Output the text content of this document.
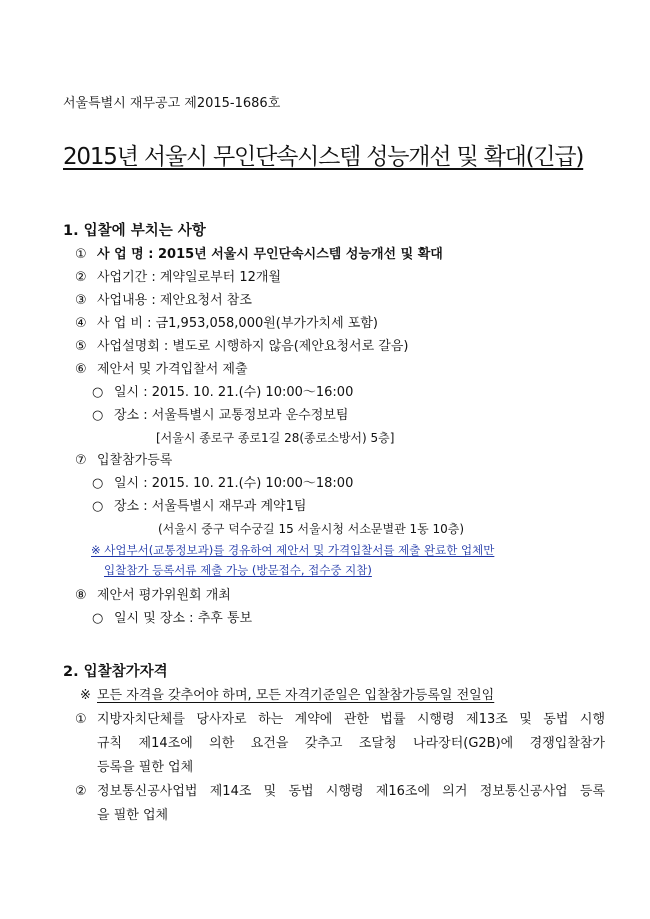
서울특별시 재무공고 제2015-1686호
2015년 서울시 무인단속시스템 성능개선 및 확대(긴급)
1. 입찰에 부치는 사항
① 사 업 명 : 2015년 서울시 무인단속시스템 성능개선 및 확대
② 사업기간 : 계약일로부터 12개월
③ 사업내용 : 제안요청서 참조
④ 사 업 비 : 금1,953,058,000원(부가가치세 포함)
⑤ 사업설명회 : 별도로 시행하지 않음(제안요청서로 갈음)
⑥ 제안서 및 가격입찰서 제출
○ 일시 : 2015. 10. 21.(수) 10:00～16:00
○ 장소 : 서울특별시 교통정보과 운수정보팀
[서울시 종로구 종로1길 28(종로소방서) 5층]
⑦ 입찰참가등록
○ 일시 : 2015. 10. 21.(수) 10:00～18:00
○ 장소 : 서울특별시 재무과 계약1팀
(서울시 중구 덕수궁길 15 서울시청 서소문별관 1동 10층)
※ 사업부서(교통정보과)를 경유하여 제안서 및 가격입찰서를 제출 완료한 업체만
입찰참가 등록서류 제출 가능 (방문접수, 접수중 지참)
⑧ 제안서 평가위원회 개최
○ 일시 및 장소 : 추후 통보
2. 입찰참가자격
※ 모든 자격을 갖추어야 하며, 모든 자격기준일은 입찰참가등록일 전일임
① 지방자치단체를 당사자로 하는 계약에 관한 법률 시행령 제13조 및 동법 시행
규칙 제14조에 의한 요건을 갖추고 조달청 나라장터(G2B)에 경쟁입찰참가
등록을 필한 업체
② 정보통신공사업법 제14조 및 동법 시행령 제16조에 의거 정보통신공사업 등록
을 필한 업체
